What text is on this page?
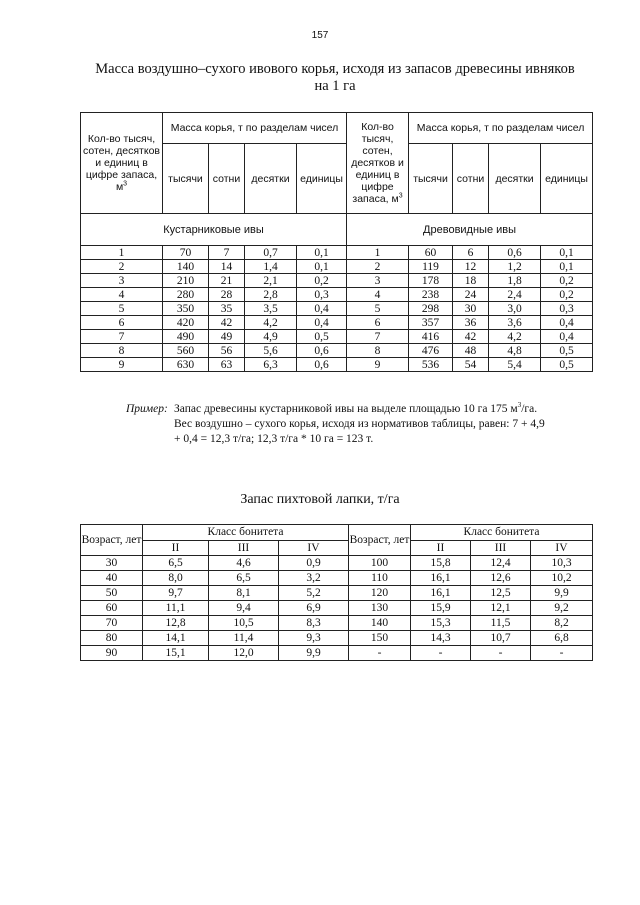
157
Масса воздушно–сухого ивового корья, исходя из запасов древесины ивняков
на 1 га
Кол-во тысяч, сотен, десятков и единиц в цифре запаса, $м^3$	Масса корья, т по разделам чисел				Кол-во тысяч, сотен, десятков и единиц в цифре запаса, $м^3$	Масса корья, т по разделам чисел			
	тысячи	сотни	десятки	единицы		тысячи	сотни	десятки	единицы
Кустарниковые ивы					Древовидные ивы				
1	70	7	0,7	0,1	1	60	6	0,6	0,1
2	140	14	1,4	0,1	2	119	12	1,2	0,1
3	210	21	2,1	0,2	3	178	18	1,8	0,2
4	280	28	2,8	0,3	4	238	24	2,4	0,2
5	350	35	3,5	0,4	5	298	30	3,0	0,3
6	420	42	4,2	0,4	6	357	36	3,6	0,4
7	490	49	4,9	0,5	7	416	42	4,2	0,4
8	560	56	5,6	0,6	8	476	48	4,8	0,5
9	630	63	6,3	0,6	9	536	54	5,4	0,5
Пример: Запас древесины кустарниковой ивы на выделе площадью 10 га 175 $м^3/га$.
Вес воздушно – сухого корья, исходя из нормативов таблицы, равен: 7 + 4,9
+ 0,4 = 12,3 т/га; 12,3 т/га * 10 га = 123 т.
Запас пихтовой лапки, т/га
Возраст, лет	Класс бонитета			Возраст, лет	Класс бонитета		
	II	III	IV		II	III	IV
30	6,5	4,6	0,9	100	15,8	12,4	10,3
40	8,0	6,5	3,2	110	16,1	12,6	10,2
50	9,7	8,1	5,2	120	16,1	12,5	9,9
60	11,1	9,4	6,9	130	15,9	12,1	9,2
70	12,8	10,5	8,3	140	15,3	11,5	8,2
80	14,1	11,4	9,3	150	14,3	10,7	6,8
90	15,1	12,0	9,9	-	-	-	-
